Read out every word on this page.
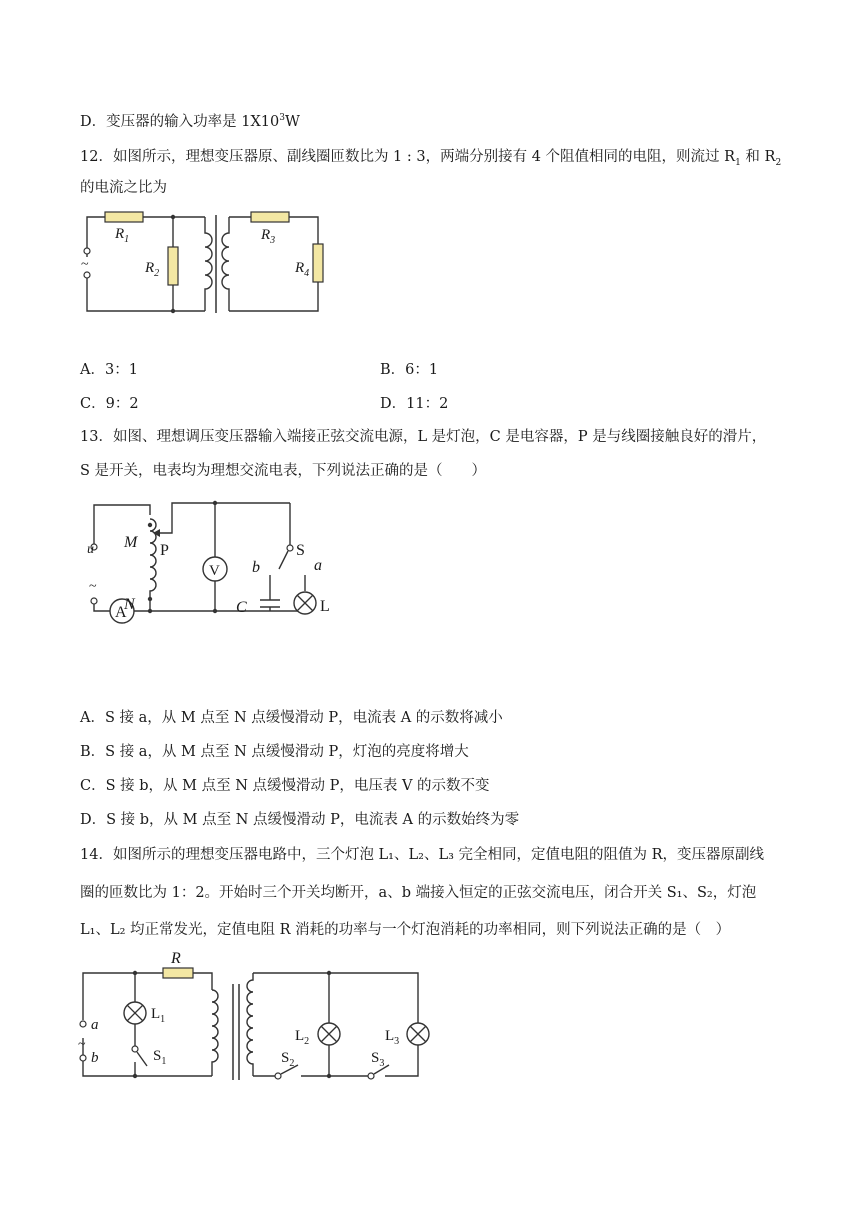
D．变压器的输入功率是 $1X10^3W$
12．如图所示，理想变压器原、副线圈匝数比为 1 : 3，两端分别接有 4 个阻值相同的电阻，则流过 $R_1$ 和 $R_2$
的电流之比为
~
$R_1$
$R_2$
$R_3$
$R_4$
A．3：1	B．6：1
C．9：2	D．11：2
13．如图、理想调压变压器输入端接正弦交流电源，L 是灯泡，C 是电容器，P 是与线圈接触良好的滑片，
S 是开关，电表均为理想交流电表，下列说法正确的是（　　）
u
~
A
M
N
P
V
S
b	a
C	L
A．S 接 a，从 M 点至 N 点缓慢滑动 P，电流表 A 的示数将减小
B．S 接 a，从 M 点至 N 点缓慢滑动 P，灯泡的亮度将增大
C．S 接 b，从 M 点至 N 点缓慢滑动 P，电压表 V 的示数不变
D．S 接 b，从 M 点至 N 点缓慢滑动 P，电流表 A 的示数始终为零
14．如图所示的理想变压器电路中，三个灯泡 L₁、L₂、L₃ 完全相同，定值电阻的阻值为 R，变压器原副线
圈的匝数比为 1：2。开始时三个开关均断开，a、b 端接入恒定的正弦交流电压，闭合开关 S₁、S₂，灯泡
L₁、L₂ 均正常发光，定值电阻 R 消耗的功率与一个灯泡消耗的功率相同，则下列说法正确的是（　）
a
~
b
$L_1$
$S_1$
R
$L_2$
$S_2$
$L_3$
$S_3$
